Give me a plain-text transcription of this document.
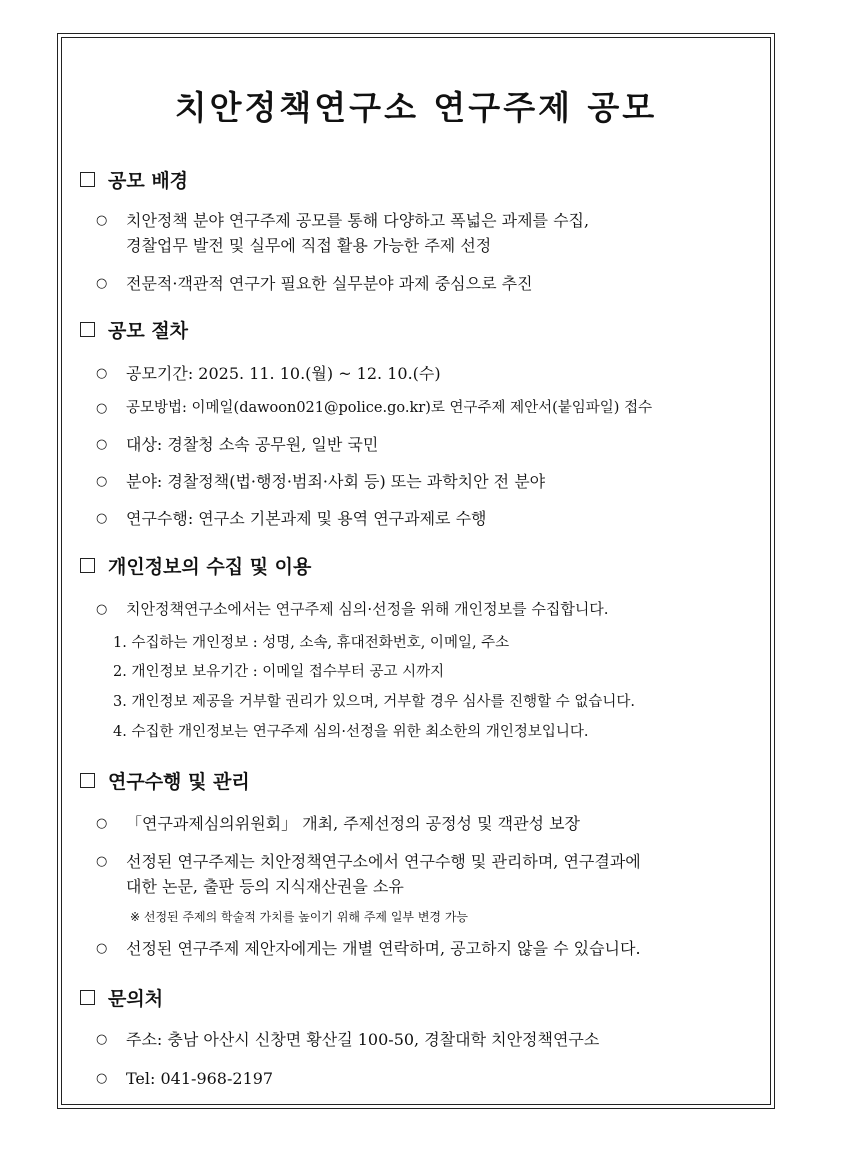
치안정책연구소 연구주제 공모
공모 배경
○	치안정책 분야 연구주제 공모를 통해 다양하고 폭넓은 과제를 수집,
경찰업무 발전 및 실무에 직접 활용 가능한 주제 선정
○	전문적·객관적 연구가 필요한 실무분야 과제 중심으로 추진
공모 절차
○	공모기간: 2025. 11. 10.(월) ~ 12. 10.(수)
○	공모방법: 이메일(dawoon021@police.go.kr)로 연구주제 제안서(붙임파일) 접수
○	대상: 경찰청 소속 공무원, 일반 국민
○	분야: 경찰정책(법·행정·범죄·사회 등) 또는 과학치안 전 분야
○	연구수행: 연구소 기본과제 및 용역 연구과제로 수행
개인정보의 수집 및 이용
○	치안정책연구소에서는 연구주제 심의·선정을 위해 개인정보를 수집합니다.
1. 수집하는 개인정보 : 성명, 소속, 휴대전화번호, 이메일, 주소
2. 개인정보 보유기간 : 이메일 접수부터 공고 시까지
3. 개인정보 제공을 거부할 권리가 있으며, 거부할 경우 심사를 진행할 수 없습니다.
4. 수집한 개인정보는 연구주제 심의·선정을 위한 최소한의 개인정보입니다.
연구수행 및 관리
○	「연구과제심의위원회」 개최, 주제선정의 공정성 및 객관성 보장
○	선정된 연구주제는 치안정책연구소에서 연구수행 및 관리하며, 연구결과에
대한 논문, 출판 등의 지식재산권을 소유
※ 선정된 주제의 학술적 가치를 높이기 위해 주제 일부 변경 가능
○	선정된 연구주제 제안자에게는 개별 연락하며, 공고하지 않을 수 있습니다.
문의처
○	주소: 충남 아산시 신창면 황산길 100-50, 경찰대학 치안정책연구소
○	Tel: 041-968-2197
